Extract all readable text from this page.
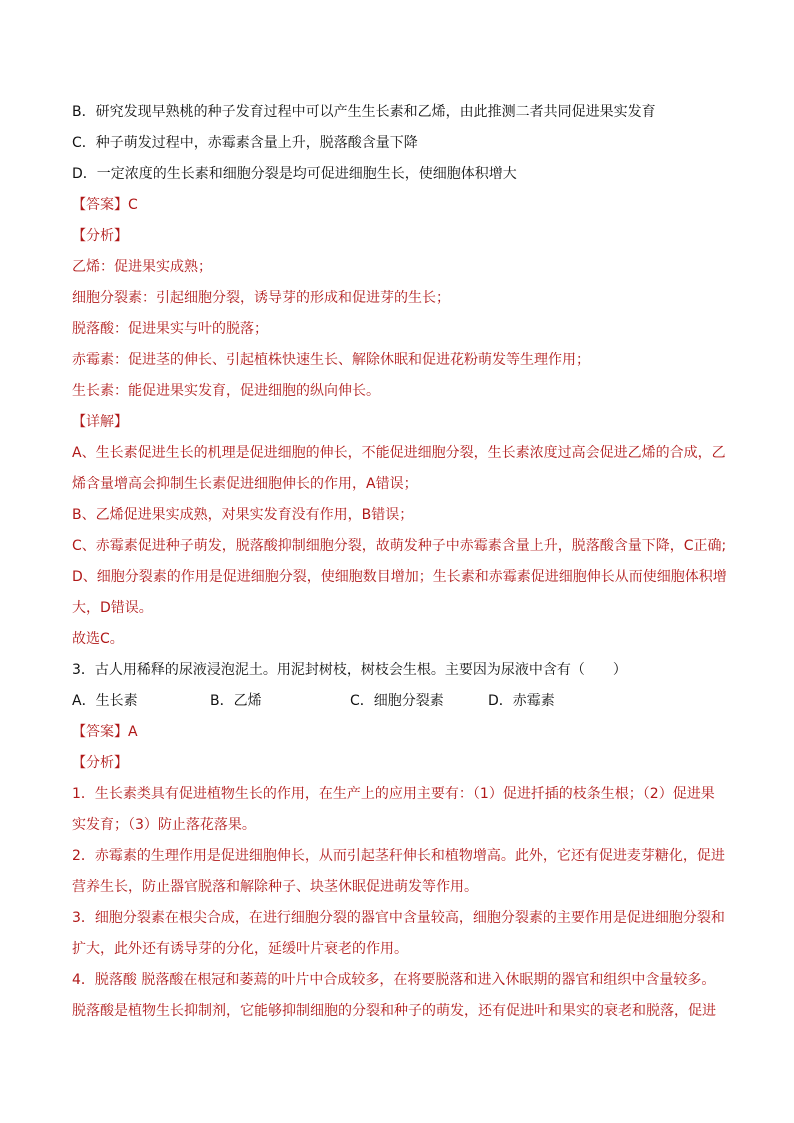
B．研究发现早熟桃的种子发育过程中可以产生生长素和乙烯，由此推测二者共同促进果实发育
C．种子萌发过程中，赤霉素含量上升，脱落酸含量下降
D．一定浓度的生长素和细胞分裂是均可促进细胞生长，使细胞体积增大
【答案】C
【分析】
乙烯：促进果实成熟；
细胞分裂素：引起细胞分裂，诱导芽的形成和促进芽的生长；
脱落酸：促进果实与叶的脱落；
赤霉素：促进茎的伸长、引起植株快速生长、解除休眠和促进花粉萌发等生理作用；
生长素：能促进果实发育，促进细胞的纵向伸长。
【详解】
A、生长素促进生长的机理是促进细胞的伸长，不能促进细胞分裂，生长素浓度过高会促进乙烯的合成，乙
烯含量增高会抑制生长素促进细胞伸长的作用，A错误；
B、乙烯促进果实成熟，对果实发育没有作用，B错误；
C、赤霉素促进种子萌发，脱落酸抑制细胞分裂，故萌发种子中赤霉素含量上升，脱落酸含量下降，C正确;
D、细胞分裂素的作用是促进细胞分裂，使细胞数目增加；生长素和赤霉素促进细胞伸长从而使细胞体积增
大，D错误。
故选C。
3．古人用稀释的尿液浸泡泥土。用泥封树枝，树枝会生根。主要因为尿液中含有（　　）
A．生长素	B．乙烯	C．细胞分裂素	D．赤霉素
【答案】A
【分析】
1．生长素类具有促进植物生长的作用，在生产上的应用主要有：（1）促进扦插的枝条生根；（2）促进果
实发育；（3）防止落花落果。
2．赤霉素的生理作用是促进细胞伸长，从而引起茎秆伸长和植物增高。此外，它还有促进麦芽糖化，促进
营养生长，防止器官脱落和解除种子、块茎休眠促进萌发等作用。
3．细胞分裂素在根尖合成，在进行细胞分裂的器官中含量较高，细胞分裂素的主要作用是促进细胞分裂和
扩大，此外还有诱导芽的分化，延缓叶片衰老的作用。
4．脱落酸 脱落酸在根冠和萎蔫的叶片中合成较多，在将要脱落和进入休眠期的器官和组织中含量较多。
脱落酸是植物生长抑制剂，它能够抑制细胞的分裂和种子的萌发，还有促进叶和果实的衰老和脱落，促进
